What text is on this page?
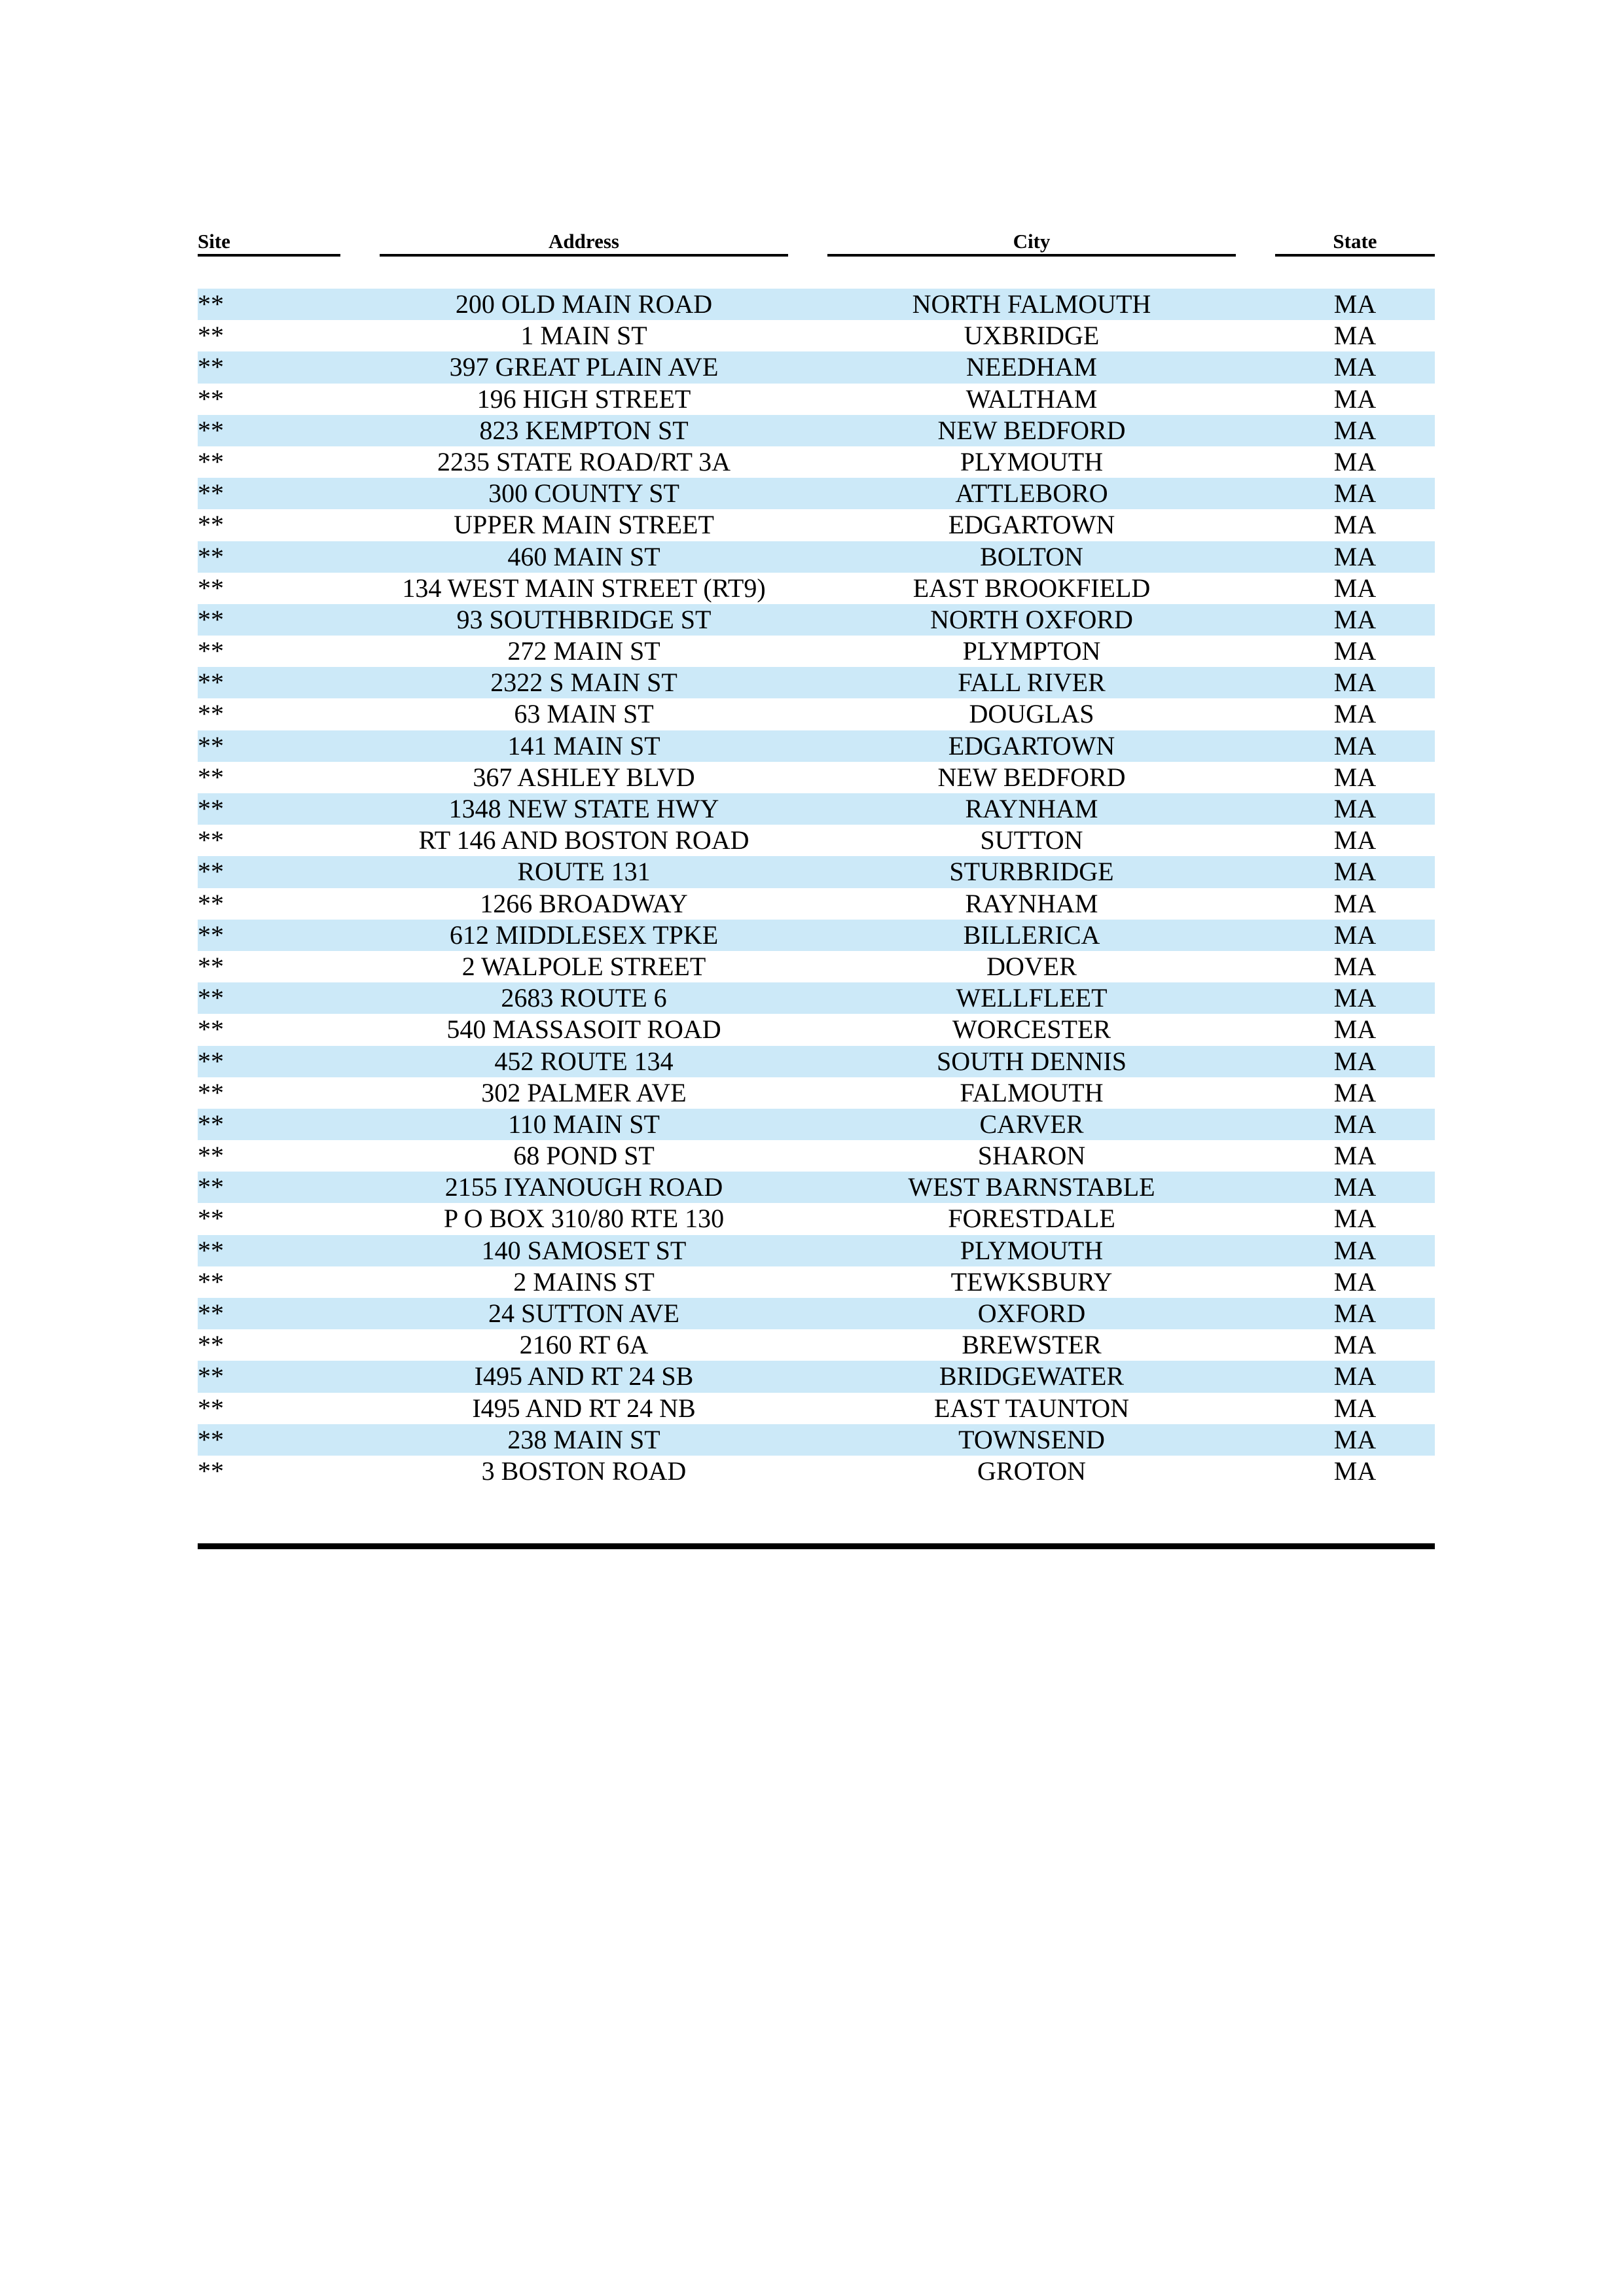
Site	Address	City	State
**	200 OLD MAIN ROAD	NORTH FALMOUTH	MA
**	1 MAIN ST	UXBRIDGE	MA
**	397 GREAT PLAIN AVE	NEEDHAM	MA
**	196 HIGH STREET	WALTHAM	MA
**	823 KEMPTON ST	NEW BEDFORD	MA
**	2235 STATE ROAD/RT 3A	PLYMOUTH	MA
**	300 COUNTY ST	ATTLEBORO	MA
**	UPPER MAIN STREET	EDGARTOWN	MA
**	460 MAIN ST	BOLTON	MA
**	134 WEST MAIN STREET (RT9)	EAST BROOKFIELD	MA
**	93 SOUTHBRIDGE ST	NORTH OXFORD	MA
**	272 MAIN ST	PLYMPTON	MA
**	2322 S MAIN ST	FALL RIVER	MA
**	63 MAIN ST	DOUGLAS	MA
**	141 MAIN ST	EDGARTOWN	MA
**	367 ASHLEY BLVD	NEW BEDFORD	MA
**	1348 NEW STATE HWY	RAYNHAM	MA
**	RT 146 AND BOSTON ROAD	SUTTON	MA
**	ROUTE 131	STURBRIDGE	MA
**	1266 BROADWAY	RAYNHAM	MA
**	612 MIDDLESEX TPKE	BILLERICA	MA
**	2 WALPOLE STREET	DOVER	MA
**	2683 ROUTE 6	WELLFLEET	MA
**	540 MASSASOIT ROAD	WORCESTER	MA
**	452 ROUTE 134	SOUTH DENNIS	MA
**	302 PALMER AVE	FALMOUTH	MA
**	110 MAIN ST	CARVER	MA
**	68 POND ST	SHARON	MA
**	2155 IYANOUGH ROAD	WEST BARNSTABLE	MA
**	P O BOX 310/80 RTE 130	FORESTDALE	MA
**	140 SAMOSET ST	PLYMOUTH	MA
**	2 MAINS ST	TEWKSBURY	MA
**	24 SUTTON AVE	OXFORD	MA
**	2160 RT 6A	BREWSTER	MA
**	I495 AND RT 24 SB	BRIDGEWATER	MA
**	I495 AND RT 24 NB	EAST TAUNTON	MA
**	238 MAIN ST	TOWNSEND	MA
**	3 BOSTON ROAD	GROTON	MA
